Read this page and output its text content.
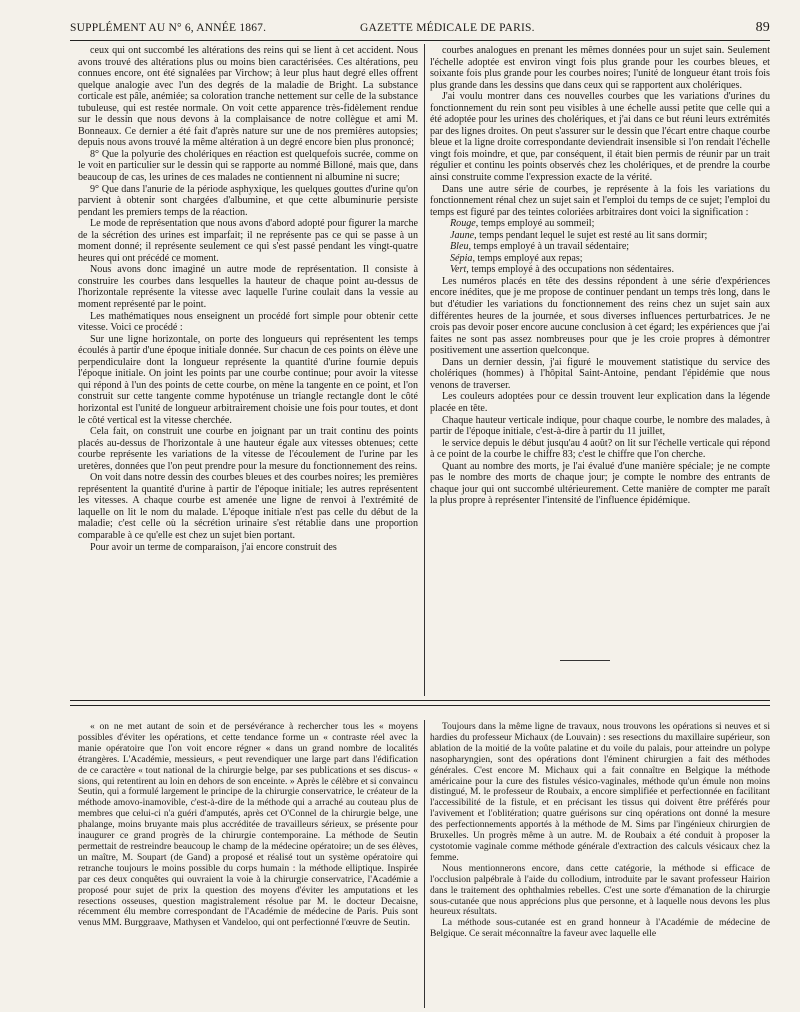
SUPPLÉMENT AU N° 6, ANNÉE 1867.	GAZETTE MÉDICALE DE PARIS.	89

ceux qui ont succombé les altérations des reins qui se lient à cet accident. Nous avons trouvé des altérations plus ou moins bien caractérisées. Ces altérations, peu connues encore, ont été signalées par Virchow; à leur plus haut degré elles offrent quelque analogie avec l'un des degrés de la maladie de Bright. La substance corticale est pâle, anémiée; sa coloration tranche nettement sur celle de la substance tubuleuse, qui est restée normale. On voit cette apparence très-fidèlement rendue sur le dessin que nous devons à la complaisance de notre collègue et ami M. Bonneaux. Ce dernier a été fait d'après nature sur une de nos premières autopsies; depuis nous avons trouvé la même altération à un degré encore bien plus prononcé;

8° Que la polyurie des cholériques en réaction est quelquefois sucrée, comme on le voit en particulier sur le dessin qui se rapporte au nommé Billoné, mais que, dans beaucoup de cas, les urines de ces malades ne contiennent ni albumine ni sucre;

9° Que dans l'anurie de la période asphyxique, les quelques gouttes d'urine qu'on parvient à obtenir sont chargées d'albumine, et que cette albuminurie persiste pendant les premiers temps de la réaction.

Le mode de représentation que nous avons d'abord adopté pour figurer la marche de la sécrétion des urines est imparfait; il ne représente pas ce qui se passe à un moment donné; il représente seulement ce qui s'est passé pendant les vingt-quatre heures qui ont précédé ce moment.

Nous avons donc imaginé un autre mode de représentation. Il consiste à construire les courbes dans lesquelles la hauteur de chaque point au-dessus de l'horizontale représente la vitesse avec laquelle l'urine coulait dans la vessie au moment représenté par le point.

Les mathématiques nous enseignent un procédé fort simple pour obtenir cette vitesse. Voici ce procédé :

Sur une ligne horizontale, on porte des longueurs qui représentent les temps écoulés à partir d'une époque initiale donnée. Sur chacun de ces points on élève une perpendiculaire dont la longueur représente la quantité d'urine fournie depuis l'époque initiale. On joint les points par une courbe continue; pour avoir la vitesse qui répond à l'un des points de cette courbe, on mène la tangente en ce point, et l'on construit sur cette tangente comme hypoténuse un triangle rectangle dont le côté horizontal est l'unité de longueur arbitrairement choisie une fois pour toutes, et dont le côté vertical est la vitesse cherchée.

Cela fait, on construit une courbe en joignant par un trait continu des points placés au-dessus de l'horizontale à une hauteur égale aux vitesses obtenues; cette courbe représente les variations de la vitesse de l'écoulement de l'urine par les uretères, données que l'on peut prendre pour la mesure du fonctionnement des reins.

On voit dans notre dessin des courbes bleues et des courbes noires; les premières représentent la quantité d'urine à partir de l'époque initiale; les autres représentent les vitesses. A chaque courbe est amenée une ligne de renvoi à l'extrémité de laquelle on lit le nom du malade. L'époque initiale n'est pas celle du début de la maladie; c'est celle où la sécrétion urinaire s'est rétablie dans une proportion comparable à ce qu'elle est chez un sujet bien portant.

Pour avoir un terme de comparaison, j'ai encore construit des

courbes analogues en prenant les mêmes données pour un sujet sain. Seulement l'échelle adoptée est environ vingt fois plus grande pour les courbes bleues, et soixante fois plus grande pour les courbes noires; l'unité de longueur étant trois fois plus grande dans les dessins que dans ceux qui se rapportent aux cholériques.

J'ai voulu montrer dans ces nouvelles courbes que les variations d'urines du fonctionnement du rein sont peu visibles à une échelle aussi petite que celle qui a été adoptée pour les urines des cholériques, et j'ai dans ce but réuni leurs extrémités par des lignes droites. On peut s'assurer sur le dessin que l'écart entre chaque courbe bleue et la ligne droite correspondante deviendrait insensible si l'on rendait l'échelle vingt fois moindre, et que, par conséquent, il était bien permis de réunir par un trait régulier et continu les points observés chez les cholériques, et de prendre la courbe ainsi construite comme l'expression exacte de la vérité.

Dans une autre série de courbes, je représente à la fois les variations du fonctionnement rénal chez un sujet sain et l'emploi du temps de ce sujet; l'emploi du temps est figuré par des teintes coloriées arbitraires dont voici la signification :

Rouge, temps employé au sommeil;
Jaune, temps pendant lequel le sujet est resté au lit sans dormir;
Bleu, temps employé à un travail sédentaire;
Sépia, temps employé aux repas;
Vert, temps employé à des occupations non sédentaires.

Les numéros placés en tête des dessins répondent à une série d'expériences encore inédites, que je me propose de continuer pendant un temps très long, dans le but d'étudier les variations du fonctionnement des reins chez un sujet sain aux différentes heures de la journée, et sous diverses influences perturbatrices. Je ne crois pas devoir poser encore aucune conclusion à cet égard; les expériences que j'ai faites ne sont pas assez nombreuses pour que je les croie propres à démontrer positivement une assertion quelconque.

Dans un dernier dessin, j'ai figuré le mouvement statistique du service des cholériques (hommes) à l'hôpital Saint-Antoine, pendant l'épidémie que nous venons de traverser.

Les couleurs adoptées pour ce dessin trouvent leur explication dans la légende placée en tête.

Chaque hauteur verticale indique, pour chaque courbe, le nombre des malades, à partir de l'époque initiale, c'est-à-dire à partir du 11 juillet,

le service depuis le début jusqu'au 4 août? on lit sur l'échelle verticale qui répond à ce point de la courbe le chiffre 83; c'est le chiffre que l'on cherche.

Quant au nombre des morts, je l'ai évalué d'une manière spéciale; je ne compte pas le nombre des morts de chaque jour; je compte le nombre des entrants de chaque jour qui ont succombé ultérieurement. Cette manière de compter me paraît la plus propre à représenter l'intensité de l'influence épidémique.

« on ne met autant de soin et de persévérance à rechercher tous les « moyens possibles d'éviter les opérations, et cette tendance forme un « contraste réel avec la manie opératoire que l'on voit encore régner « dans un grand nombre de localités étrangères. L'Académie, messieurs, « peut revendiquer une large part dans l'édification de ce caractère « tout national de la chirurgie belge, par ses publications et ses discus- « sions, qui retentirent au loin en dehors de son enceinte. » Après le célèbre et si convaincu Seutin, qui a formulé largement le principe de la chirurgie conservatrice, le créateur de la méthode amovo-inamovible, c'est-à-dire de la méthode qui a arraché au couteau plus de membres que celui-ci n'a guéri d'amputés, après cet O'Connel de la chirurgie belge, une phalange, moins bruyante mais plus accréditée de travailleurs sérieux, se présente pour inaugurer ce grand progrès de la chirurgie contemporaine. La méthode de Seutin permettait de restreindre beaucoup le champ de la médecine opératoire; un de ses élèves, un maître, M. Soupart (de Gand) a proposé et réalisé tout un système opératoire qui retranche toujours le moins possible du corps humain : la méthode elliptique. Inspirée par ces deux conquêtes qui ouvraient la voie à la chirurgie conservatrice, l'Académie a proposé pour sujet de prix la question des moyens d'éviter les amputations et les resections osseuses, question magistralement résolue par M. le docteur Decaisne, récemment élu membre correspondant de l'Académie de médecine de Paris. Puis sont venus MM. Burggraave, Mathysen et Vandeloo, qui ont perfectionné l'œuvre de Seutin.

Toujours dans la même ligne de travaux, nous trouvons les opérations si neuves et si hardies du professeur Michaux (de Louvain) : ses resections du maxillaire supérieur, son ablation de la moitié de la voûte palatine et du voile du palais, pour atteindre un polype nasopharyngien, sont des opérations dont l'éminent chirurgien a fait des méthodes générales. C'est encore M. Michaux qui a fait connaître en Belgique la méthode américaine pour la cure des fistules vésico-vaginales, méthode qu'un émule non moins distingué, M. le professeur de Roubaix, a encore simplifiée et perfectionnée en facilitant l'accessibilité de la fistule, et en précisant les tissus qui doivent être préférés pour l'avivement et l'oblitération; quatre guérisons sur cinq opérations ont donné la mesure des perfectionnements apportés à la méthode de M. Sims par l'ingénieux chirurgien de Bruxelles. Un progrès même à un autre. M. de Roubaix a été conduit à proposer la cystotomie vaginale comme méthode générale d'extraction des calculs vésicaux chez la femme.

Nous mentionnerons encore, dans cette catégorie, la méthode si efficace de l'occlusion palpébrale à l'aide du collodium, introduite par le savant professeur Hairion dans le traitement des ophthalmies rebelles. C'est une sorte d'émanation de la chirurgie sous-cutanée que nous apprécions plus que personne, et à laquelle nous devons les plus heureux résultats.

La méthode sous-cutanée est en grand honneur à l'Académie de médecine de Belgique. Ce serait méconnaître la faveur avec laquelle elle
